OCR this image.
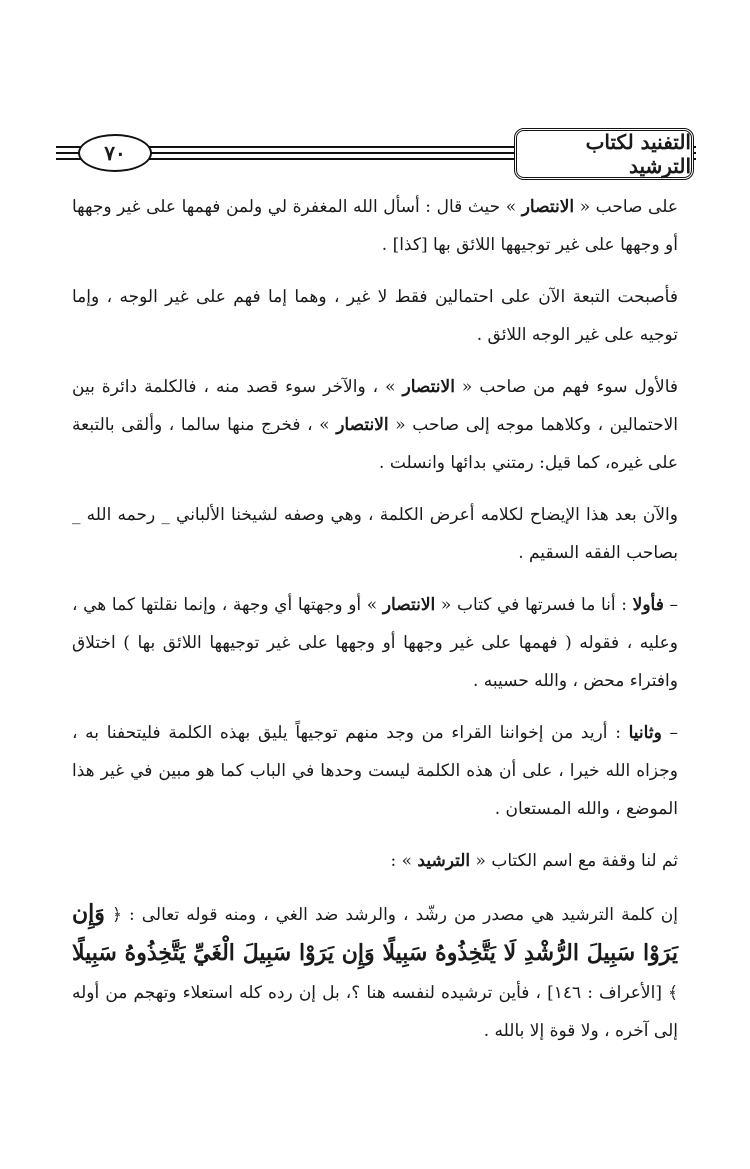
التفنيد لكتاب الترشيد
٧٠

على صاحب « الانتصار » حيث قال : أسأل الله المغفرة لي ولمن فهمها على غير وجهها أو وجهها على غير توجيهها اللائق بها [كذا] .

فأصبحت التبعة الآن على احتمالين فقط لا غير ، وهما إما فهم على غير الوجه ، وإما توجيه على غير الوجه اللائق .

فالأول سوء فهم من صاحب « الانتصار » ، والآخر سوء قصد منه ، فالكلمة دائرة بين الاحتمالين ، وكلاهما موجه إلى صاحب « الانتصار » ، فخرج منها سالما ، وألقى بالتبعة على غيره، كما قيل: رمتني بدائها وانسلت .

والآن بعد هذا الإيضاح لكلامه أعرض الكلمة ، وهي وصفه لشيخنا الألباني _ رحمه الله _ بصاحب الفقه السقيم .

– فأولا : أنا ما فسرتها في كتاب « الانتصار » أو وجهتها أي وجهة ، وإنما نقلتها كما هي ، وعليه ، فقوله ( فهمها على غير وجهها أو وجهها على غير توجيهها اللائق بها ) اختلاق وافتراء محض ، والله حسيبه .

– وثانيا : أريد من إخواننا القراء من وجد منهم توجيهاً يليق بهذه الكلمة فليتحفنا به ، وجزاه الله خيرا ، على أن هذه الكلمة ليست وحدها في الباب كما هو مبين في غير هذا الموضع ، والله المستعان .

ثم لنا وقفة مع اسم الكتاب « الترشيد » :

إن كلمة الترشيد هي مصدر من رشّد ، والرشد ضد الغي ، ومنه قوله تعالى : ﴿ وَإِن يَرَوْا سَبِيلَ الرُّشْدِ لَا يَتَّخِذُوهُ سَبِيلًا وَإِن يَرَوْا سَبِيلَ الْغَيِّ يَتَّخِذُوهُ سَبِيلًا ﴾ [الأعراف : ١٤٦] ، فأين ترشيده لنفسه هنا ؟، بل إن رده كله استعلاء وتهجم من أوله إلى آخره ، ولا قوة إلا بالله .
